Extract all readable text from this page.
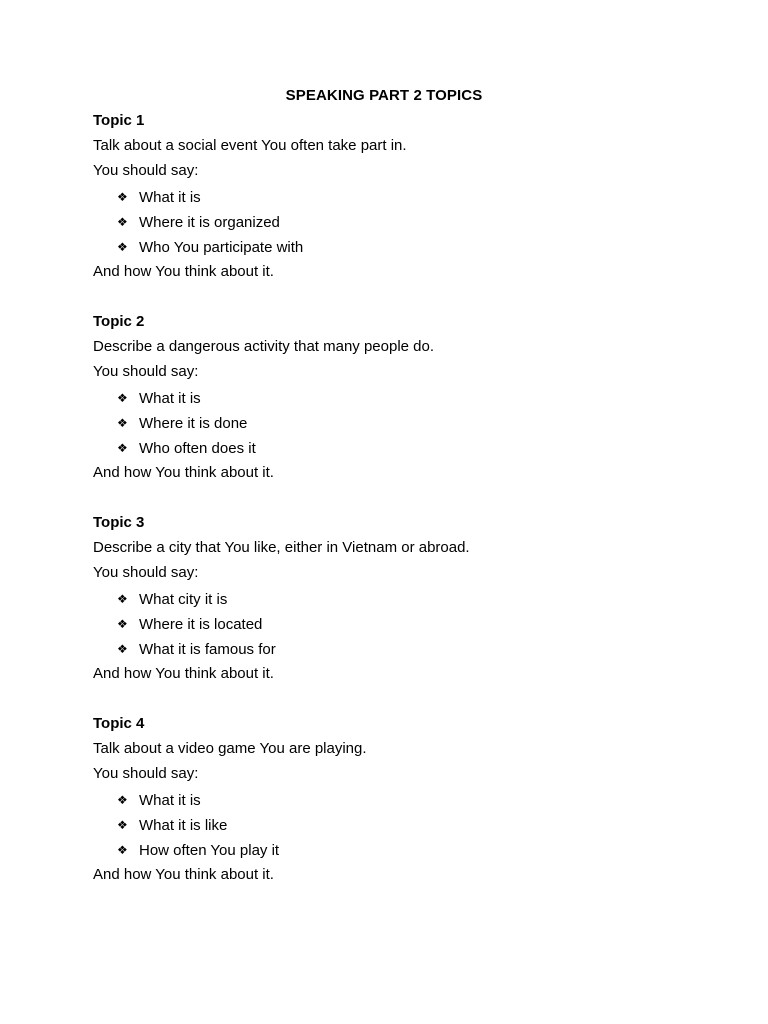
SPEAKING PART 2 TOPICS
Topic 1
Talk about a social event You often take part in.
You should say:
❖ What it is
❖ Where it is organized
❖ Who You participate with
And how You think about it.
Topic 2
Describe a dangerous activity that many people do.
You should say:
❖ What it is
❖ Where it is done
❖ Who often does it
And how You think about it.
Topic 3
Describe a city that You like, either in Vietnam or abroad.
You should say:
❖ What city it is
❖ Where it is located
❖ What it is famous for
And how You think about it.
Topic 4
Talk about a video game You are playing.
You should say:
❖ What it is
❖ What it is like
❖ How often You play it
And how You think about it.
